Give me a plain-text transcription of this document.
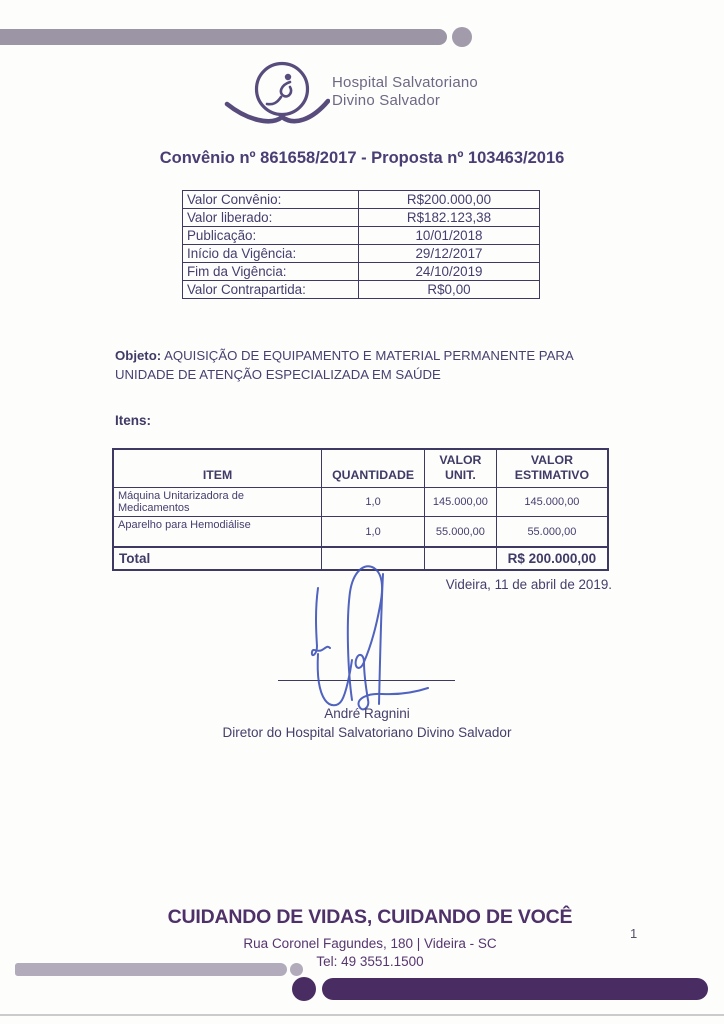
Hospital Salvatoriano
Divino Salvador
Convênio nº 861658/2017 - Proposta nº 103463/2016
Valor Convênio:	R$200.000,00
Valor liberado:	R$182.123,38
Publicação:	10/01/2018
Início da Vigência:	29/12/2017
Fim da Vigência:	24/10/2019
Valor Contrapartida:	R$0,00

Objeto: AQUISIÇÃO DE EQUIPAMENTO E MATERIAL PERMANENTE PARA UNIDADE DE ATENÇÃO ESPECIALIZADA EM SAÚDE

Itens:
ITEM	QUANTIDADE	VALOR UNIT.	VALOR ESTIMATIVO
Máquina Unitarizadora de Medicamentos	1,0	145.000,00	145.000,00
Aparelho para Hemodiálise	1,0	55.000,00	55.000,00
Total			R$ 200.000,00
Videira, 11 de abril de 2019.
André Ragnini
Diretor do Hospital Salvatoriano Divino Salvador
CUIDANDO DE VIDAS, CUIDANDO DE VOCÊ
Rua Coronel Fagundes, 180 | Videira - SC
Tel: 49 3551.1500
1
